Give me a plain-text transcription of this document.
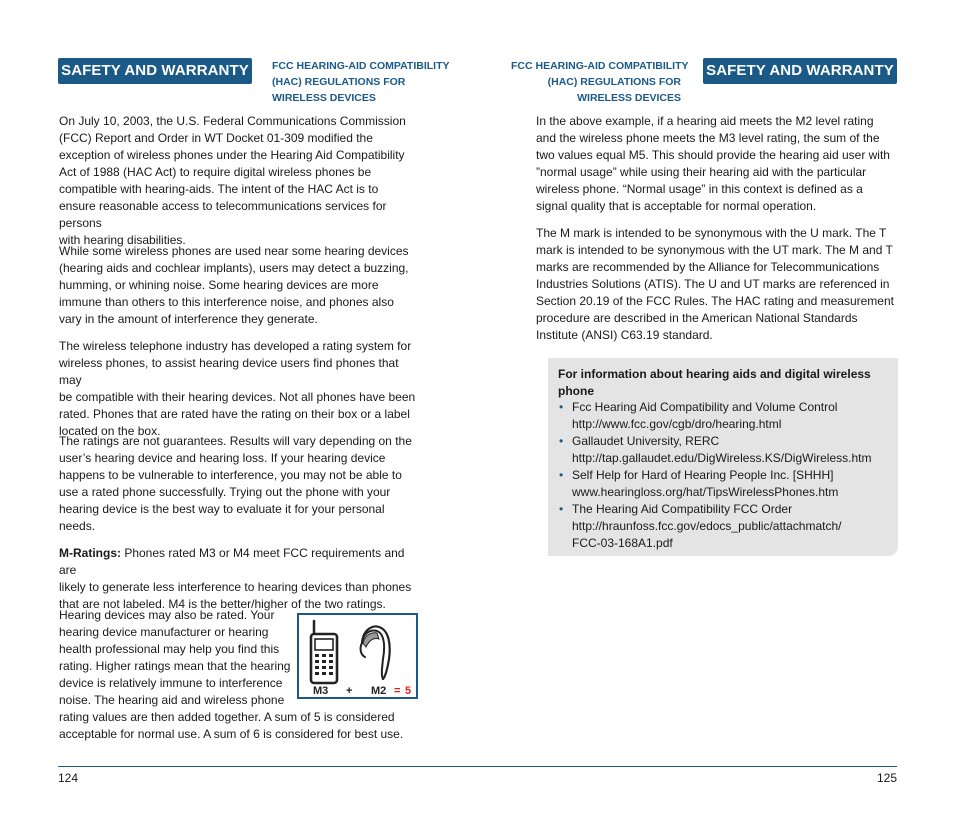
SAFETY AND WARRANTY FCC HEARING-AID COMPATIBILITY
(HAC) REGULATIONS FOR
WIRELESS DEVICES

On July 10, 2003, the U.S. Federal Communications Commission

(FCC) Report and Order in WT Docket 01-309 modified the

exception of wireless phones under the Hearing Aid Compatibility

Act of 1988 (HAC Act) to require digital wireless phones be

compatible with hearing-aids. The intent of the HAC Act is to

ensure reasonable access to telecommunications services for persons

with hearing disabilities.

While some wireless phones are used near some hearing devices

(hearing aids and cochlear implants), users may detect a buzzing,

humming, or whining noise. Some hearing devices are more

immune than others to this interference noise, and phones also

vary in the amount of interference they generate.

The wireless telephone industry has developed a rating system for

wireless phones, to assist hearing device users find phones that may

be compatible with their hearing devices. Not all phones have been

rated. Phones that are rated have the rating on their box or a label

located on the box.

The ratings are not guarantees. Results will vary depending on the

user’s hearing device and hearing loss. If your hearing device

happens to be vulnerable to interference, you may not be able to

use a rated phone successfully. Trying out the phone with your

hearing device is the best way to evaluate it for your personal

needs.

M-Ratings: Phones rated M3 or M4 meet FCC requirements and are

likely to generate less interference to hearing devices than phones

that are not labeled. M4 is the better/higher of the two ratings.

Hearing devices may also be rated. Your

hearing device manufacturer or hearing

health professional may help you find this

rating. Higher ratings mean that the hearing

device is relatively immune to interference

noise. The hearing aid and wireless phone

rating values are then added together. A sum of 5 is considered

acceptable for normal use. A sum of 6 is considered for best use.

M3 + M2 = 5
124
FCC HEARING-AID COMPATIBILITY
(HAC) REGULATIONS FOR
WIRELESS DEVICES
SAFETY AND WARRANTY

In the above example, if a hearing aid meets the M2 level rating

and the wireless phone meets the M3 level rating, the sum of the

two values equal M5. This should provide the hearing aid user with

”normal usage” while using their hearing aid with the particular

wireless phone. “Normal usage” in this context is defined as a

signal quality that is acceptable for normal operation.

The M mark is intended to be synonymous with the U mark. The T

mark is intended to be synonymous with the UT mark. The M and T

marks are recommended by the Alliance for Telecommunications

Industries Solutions (ATIS). The U and UT marks are referenced in

Section 20.19 of the FCC Rules. The HAC rating and measurement

procedure are described in the American National Standards

Institute (ANSI) C63.19 standard.

125
For information about hearing aids and digital wireless
phone
• Fcc Hearing Aid Compatibility and Volume Control
http://www.fcc.gov/cgb/dro/hearing.html
• Gallaudet University, RERC
http://tap.gallaudet.edu/DigWireless.KS/DigWireless.htm
• Self Help for Hard of Hearing People Inc. [SHHH]
www.hearingloss.org/hat/TipsWirelessPhones.htm
• The Hearing Aid Compatibility FCC Order
http://hraunfoss.fcc.gov/edocs_public/attachmatch/
FCC-03-168A1.pdf
